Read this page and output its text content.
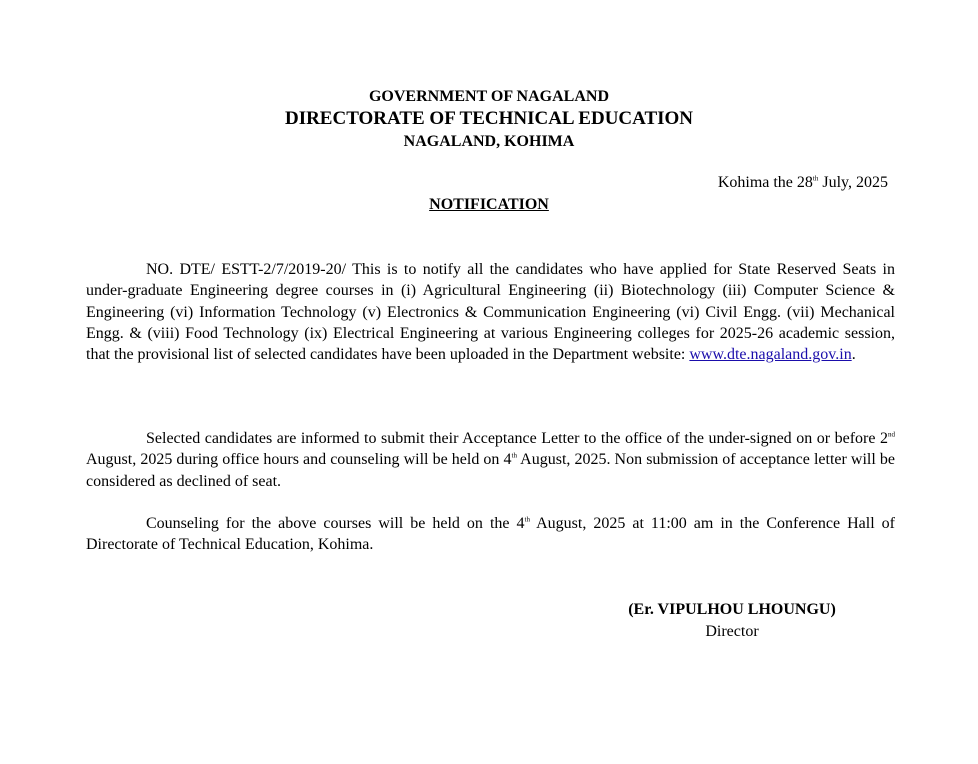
GOVERNMENT OF NAGALAND
DIRECTORATE OF TECHNICAL EDUCATION
NAGALAND, KOHIMA
Kohima the 28th July, 2025
NOTIFICATION

NO. DTE/ ESTT-2/7/2019-20/ This is to notify all the candidates who have applied for State Reserved Seats in under-graduate Engineering degree courses in (i) Agricultural Engineering (ii) Biotechnology (iii) Computer Science & Engineering (vi) Information Technology (v) Electronics & Communication Engineering (vi) Civil Engg. (vii) Mechanical Engg. & (viii) Food Technology (ix) Electrical Engineering at various Engineering colleges for 2025-26 academic session, that the provisional list of selected candidates have been uploaded in the Department website: www.dte.nagaland.gov.in.

Selected candidates are informed to submit their Acceptance Letter to the office of the under-signed on or before 2nd August, 2025 during office hours and counseling will be held on 4th August, 2025. Non submission of acceptance letter will be considered as declined of seat.

Counseling for the above courses will be held on the 4th August, 2025 at 11:00 am in the Conference Hall of Directorate of Technical Education, Kohima.

(Er. VIPULHOU LHOUNGU)
Director
